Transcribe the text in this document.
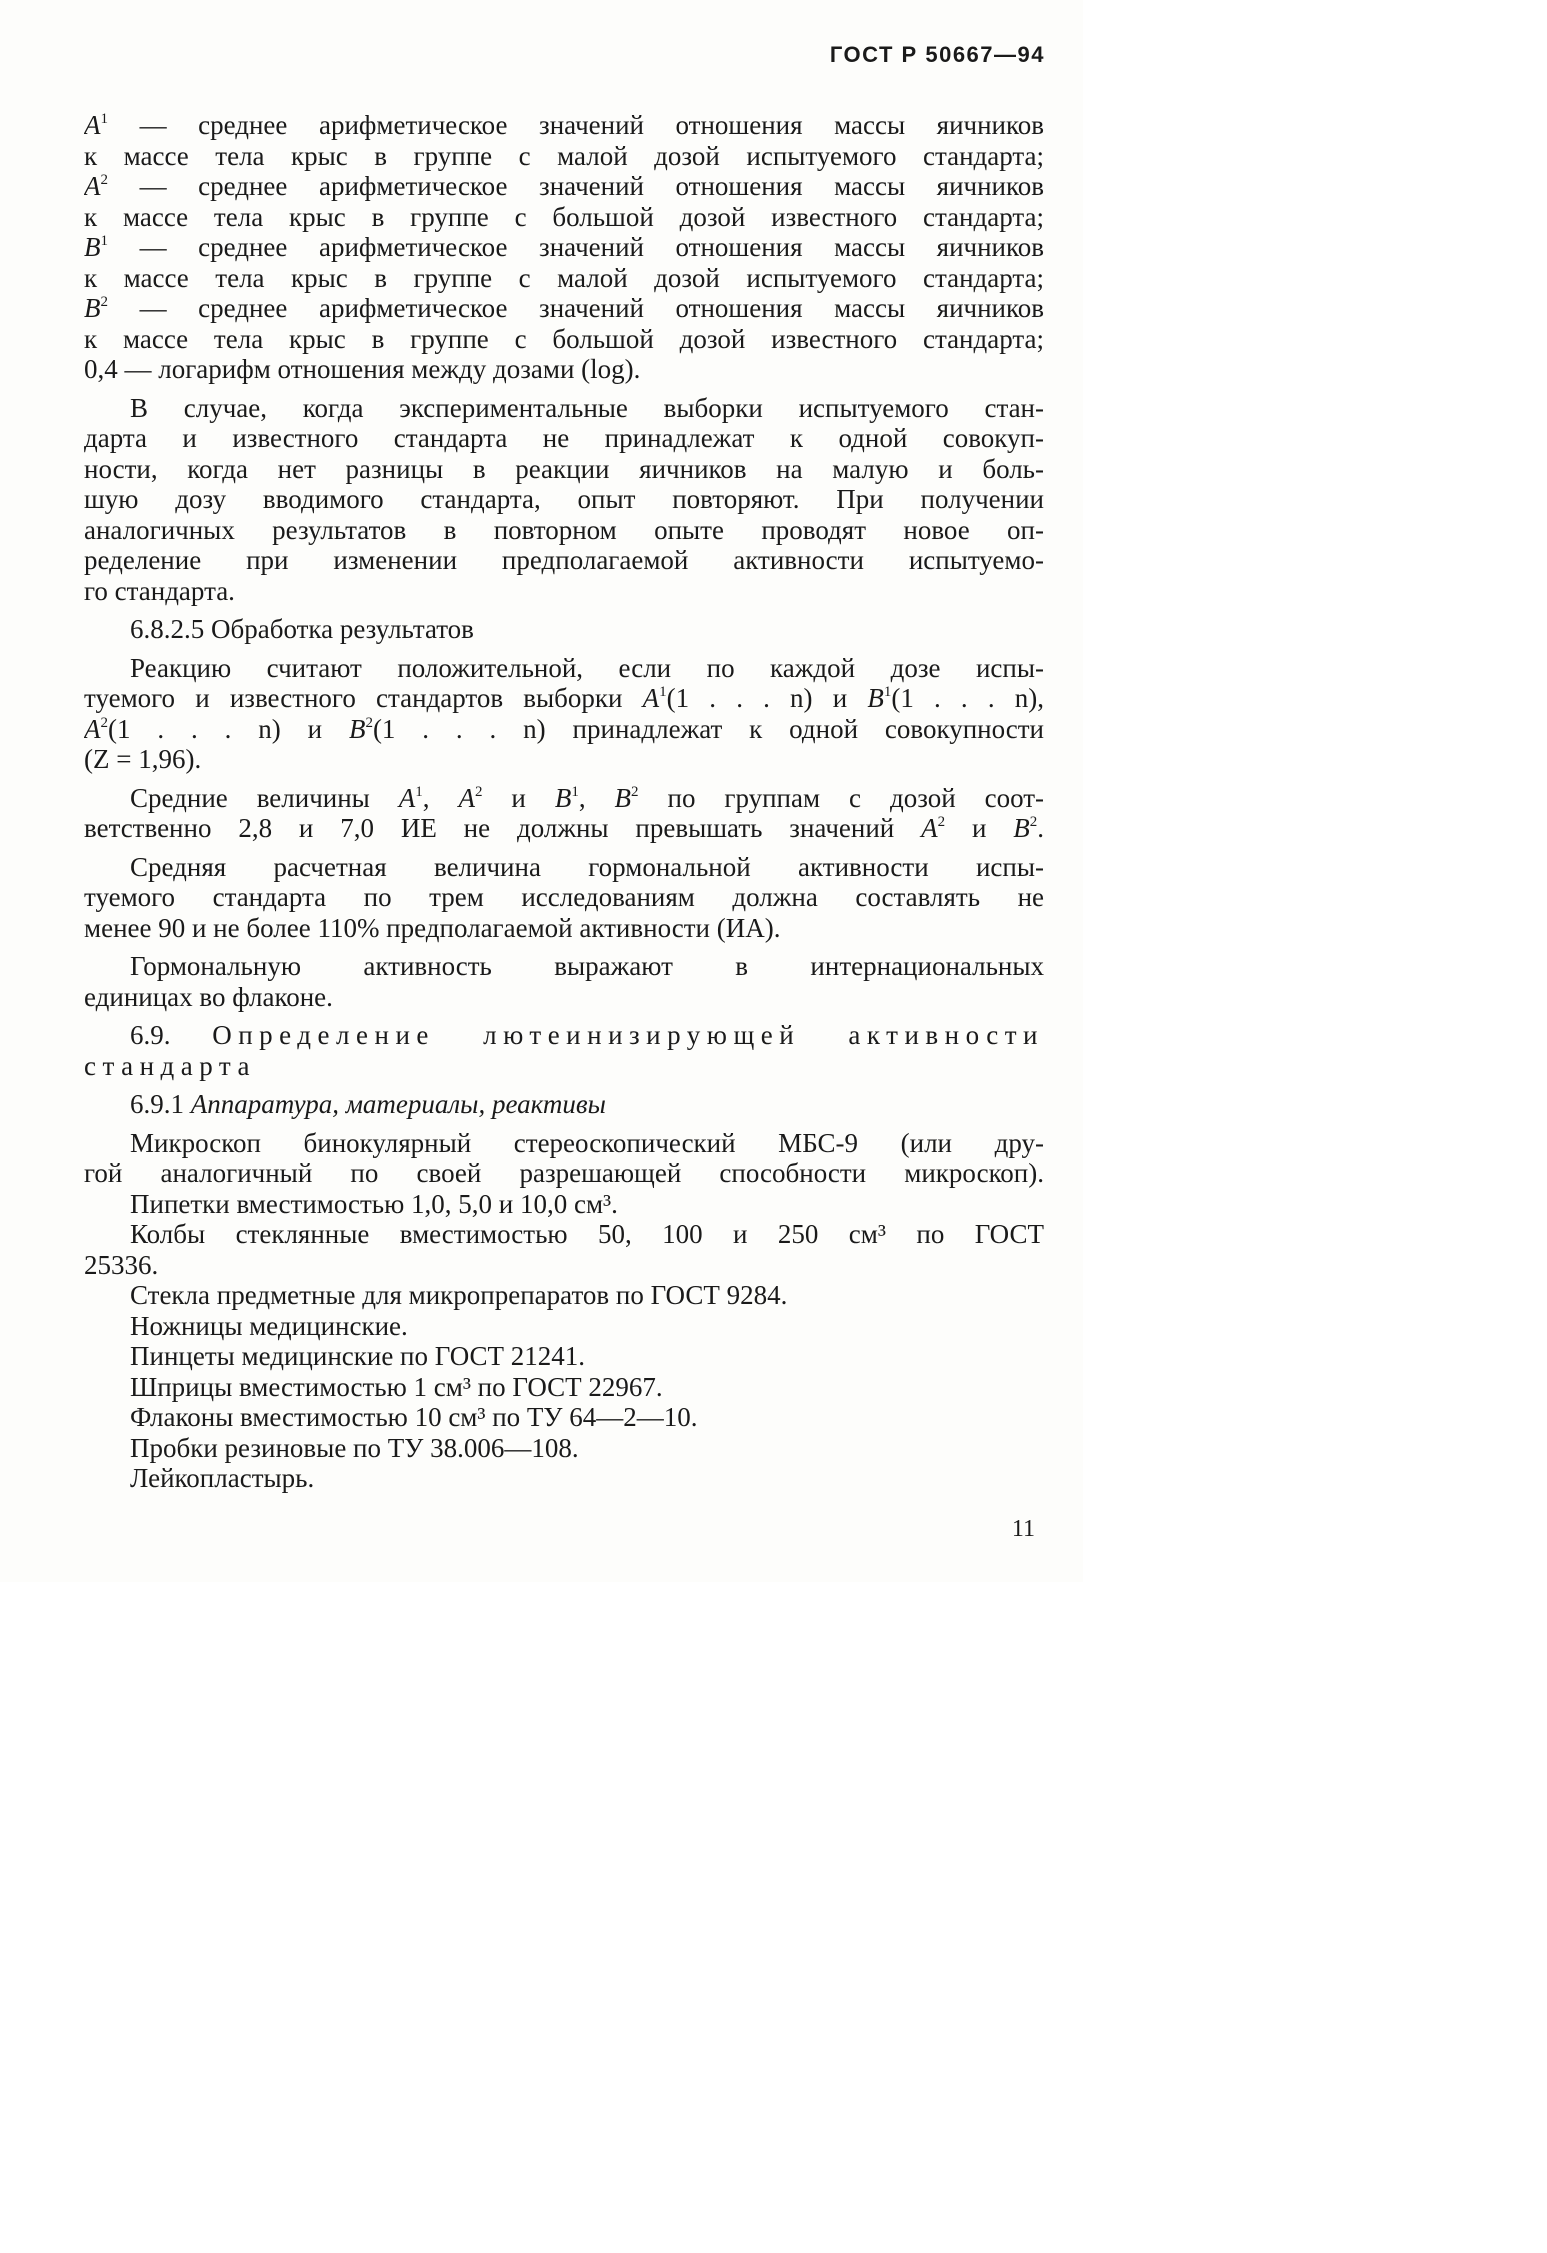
ГОСТ Р 50667—94
$A^1$ — среднее арифметическое значений отношения массы яичников
к массе тела крыс в группе с малой дозой испытуемого стандарта;
$A^2$ — среднее арифметическое значений отношения массы яичников
к массе тела крыс в группе с большой дозой известного стандарта;
$B^1$ — среднее арифметическое значений отношения массы яичников
к массе тела крыс в группе с малой дозой испытуемого стандарта;
$B^2$ — среднее арифметическое значений отношения массы яичников
к массе тела крыс в группе с большой дозой известного стандарта;
0,4 — логарифм отношения между дозами (log).
В случае, когда экспериментальные выборки испытуемого стан-
дарта и известного стандарта не принадлежат к одной совокуп-
ности, когда нет разницы в реакции яичников на малую и боль-
шую дозу вводимого стандарта, опыт повторяют. При получении
аналогичных результатов в повторном опыте проводят новое оп-
ределение при изменении предполагаемой активности испытуемо-
го стандарта.
6.8.2.5 Обработка результатов
Реакцию считают положительной, если по каждой дозе испы-
туемого и известного стандартов выборки $A^1(1$ . . . n) и $B^1(1$ . . . n),
$A^2(1$ . . . n) и $B^2(1$ . . . n) принадлежат к одной совокупности
(Z = 1,96).
Средние величины $A^1$, $A^2$ и $B^1$, $B^2$ по группам с дозой соот-
ветственно 2,8 и 7,0 ИЕ не должны превышать значений $A^2$ и $B^2$.
Средняя расчетная величина гормональной активности испы-
туемого стандарта по трем исследованиям должна составлять не
менее 90 и не более 110% предполагаемой активности (ИА).
Гормональную активность выражают в интернациональных
единицах во флаконе.
6.9. Определение лютеинизирующей активности
стандарта
6.9.1 Аппаратура, материалы, реактивы
Микроскоп бинокулярный стереоскопический МБС-9 (или дру-
гой аналогичный по своей разрешающей способности микроскоп).
Пипетки вместимостью 1,0, 5,0 и 10,0 см³.
Колбы стеклянные вместимостью 50, 100 и 250 см³ по ГОСТ
25336.
Стекла предметные для микропрепаратов по ГОСТ 9284.
Ножницы медицинские.
Пинцеты медицинские по ГОСТ 21241.
Шприцы вместимостью 1 см³ по ГОСТ 22967.
Флаконы вместимостью 10 см³ по ТУ 64—2—10.
Пробки резиновые по ТУ 38.006—108.
Лейкопластырь.
11
